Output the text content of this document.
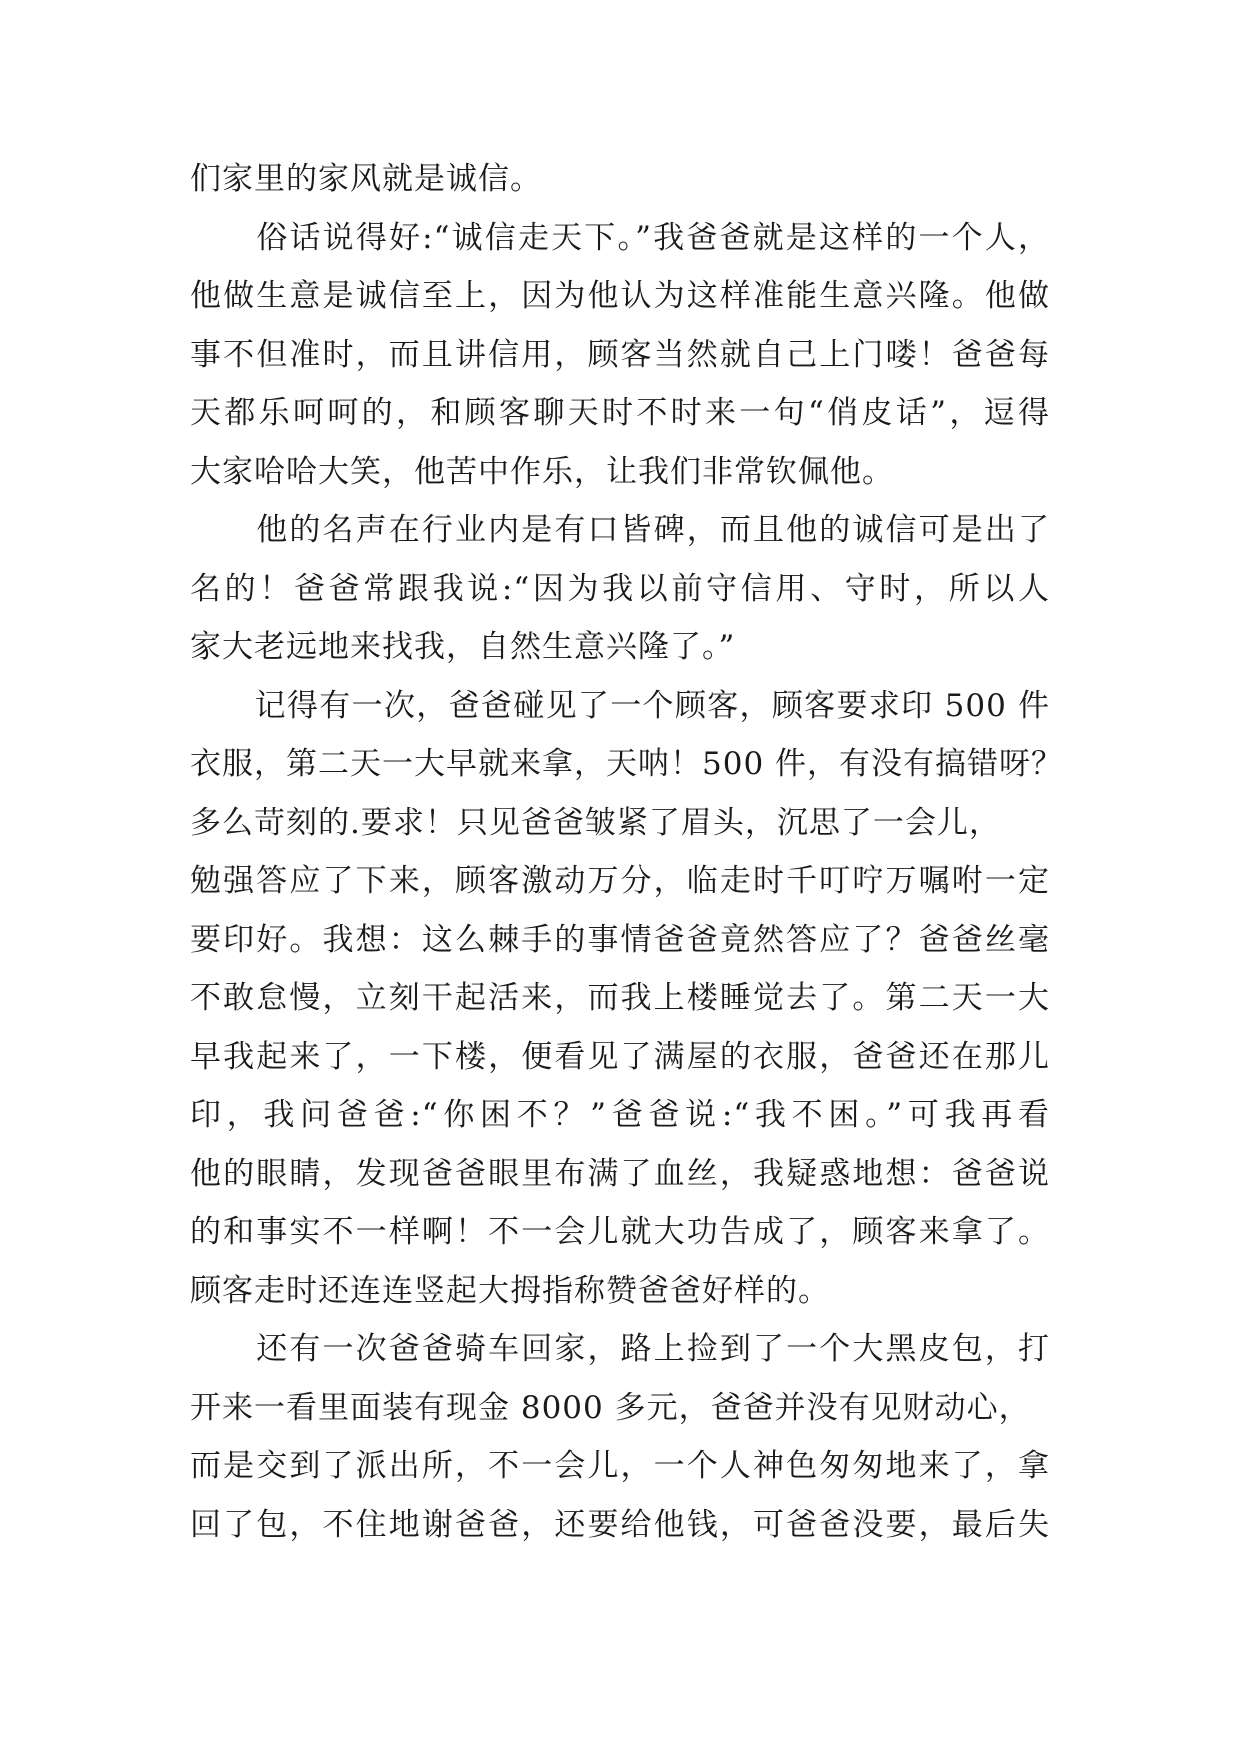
们家里的家风就是诚信。
　　俗话说得好:“诚信走天下。”我爸爸就是这样的一个人，
他做生意是诚信至上，因为他认为这样准能生意兴隆。他做
事不但准时，而且讲信用，顾客当然就自己上门喽！爸爸每
天都乐呵呵的，和顾客聊天时不时来一句“俏皮话”，逗得
大家哈哈大笑，他苦中作乐，让我们非常钦佩他。
　　他的名声在行业内是有口皆碑，而且他的诚信可是出了
名的！爸爸常跟我说:“因为我以前守信用、守时，所以人
家大老远地来找我，自然生意兴隆了。”
　　记得有一次，爸爸碰见了一个顾客，顾客要求印 500 件
衣服，第二天一大早就来拿，天呐！500 件，有没有搞错呀？
多么苛刻的.要求！只见爸爸皱紧了眉头，沉思了一会儿，
勉强答应了下来，顾客激动万分，临走时千叮咛万嘱咐一定
要印好。我想：这么棘手的事情爸爸竟然答应了？爸爸丝毫
不敢怠慢，立刻干起活来，而我上楼睡觉去了。第二天一大
早我起来了，一下楼，便看见了满屋的衣服，爸爸还在那儿
印，我问爸爸:“你困不？”爸爸说:“我不困。”可我再看
他的眼睛，发现爸爸眼里布满了血丝，我疑惑地想：爸爸说
的和事实不一样啊！不一会儿就大功告成了，顾客来拿了。
顾客走时还连连竖起大拇指称赞爸爸好样的。
　　还有一次爸爸骑车回家，路上捡到了一个大黑皮包，打
开来一看里面装有现金 8000 多元，爸爸并没有见财动心，
而是交到了派出所，不一会儿，一个人神色匆匆地来了，拿
回了包，不住地谢爸爸，还要给他钱，可爸爸没要，最后失
